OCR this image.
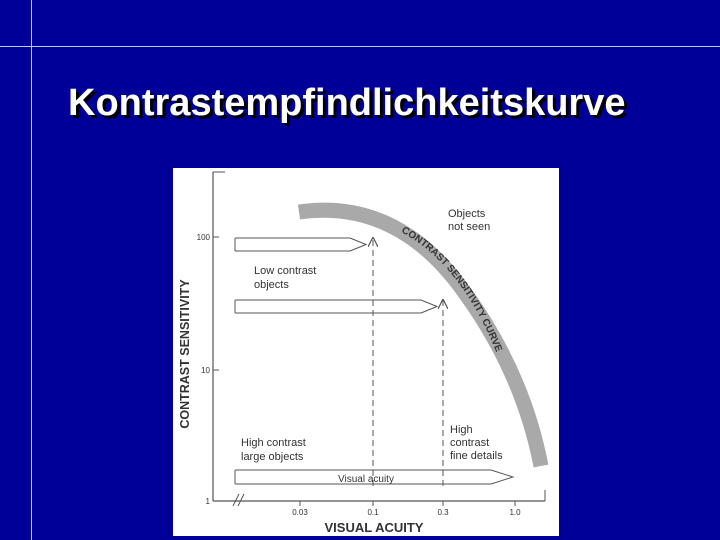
Kontrastempfindlichkeitskurve
100
10
1
0.03	0.1	0.3	1.0
CONTRAST SENSITIVITY
VISUAL ACUITY
CONTRAST SENSITIVITY CURVE
Objects not seen
Low contrast objects
High contrast large objects
High contrast fine details
Visual acuity
